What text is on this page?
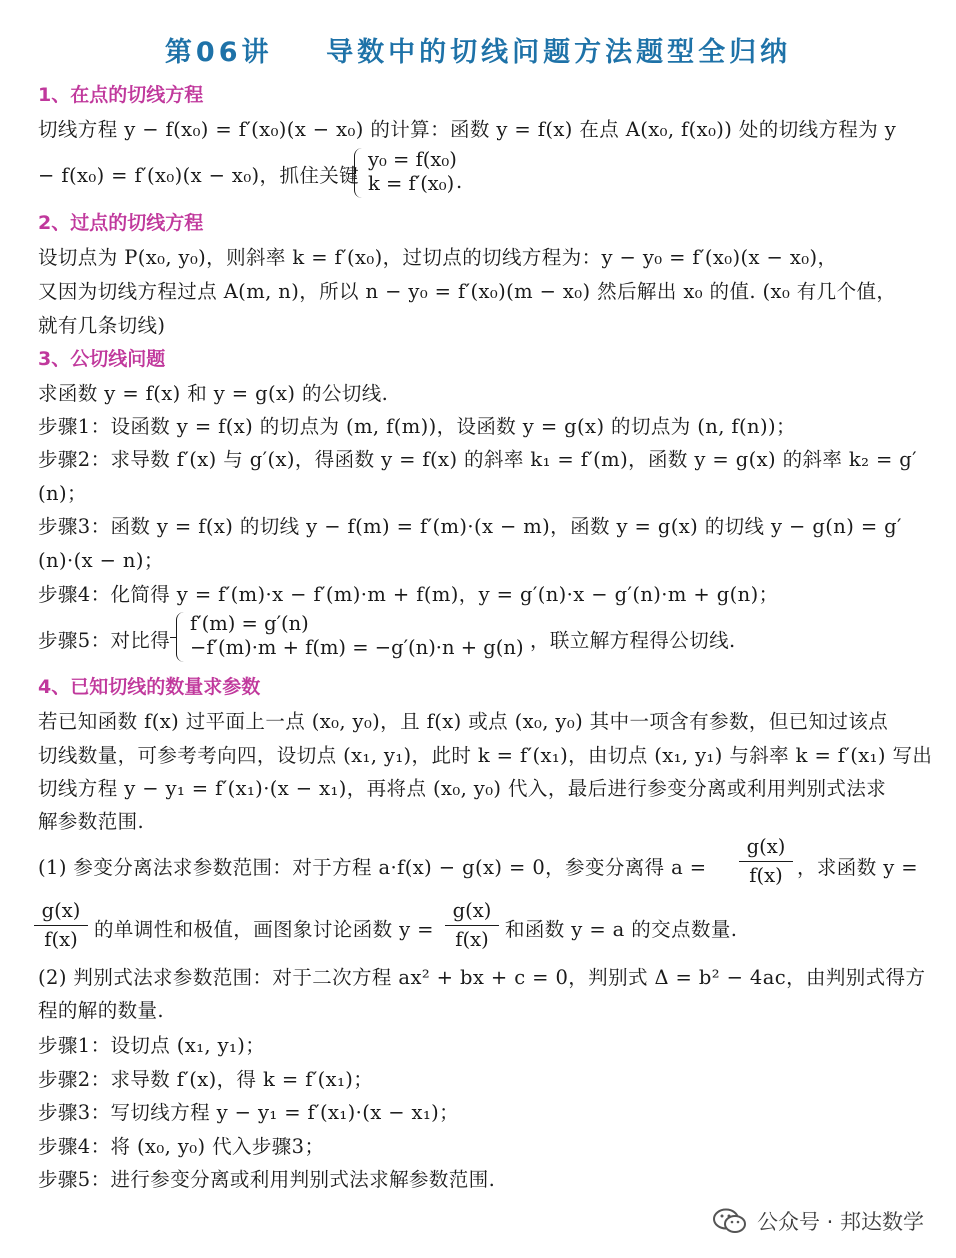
第06讲    导数中的切线问题方法题型全归纳
1、在点的切线方程
切线方程 y − f(x₀) = f′(x₀)(x − x₀) 的计算：函数 y = f(x) 在点 A(x₀, f(x₀)) 处的切线方程为 y
− f(x₀) = f′(x₀)(x − x₀)，抓住关键
y₀ = f(x₀)
k = f′(x₀) .
2、过点的切线方程
设切点为 P(x₀, y₀)，则斜率 k = f′(x₀)，过切点的切线方程为：y − y₀ = f′(x₀)(x − x₀)，
又因为切线方程过点 A(m, n)，所以 n − y₀ = f′(x₀)(m − x₀) 然后解出 x₀ 的值. (x₀ 有几个值，
就有几条切线)
3、公切线问题
求函数 y = f(x) 和 y = g(x) 的公切线.
步骤1：设函数 y = f(x) 的切点为 (m, f(m))，设函数 y = g(x) 的切点为 (n, f(n))；
步骤2：求导数 f′(x) 与 g′(x)，得函数 y = f(x) 的斜率 k₁ = f′(m)，函数 y = g(x) 的斜率 k₂ = g′
(n)；
步骤3：函数 y = f(x) 的切线 y − f(m) = f′(m)·(x − m)，函数 y = g(x) 的切线 y − g(n) = g′
(n)·(x − n)；
步骤4：化简得 y = f′(m)·x − f′(m)·m + f(m)，y = g′(n)·x − g′(n)·m + g(n)；
步骤5：对比得
f′(m) = g′(n)
−f′(m)·m + f(m) = −g′(n)·n + g(n) ，联立解方程得公切线.
4、已知切线的数量求参数
若已知函数 f(x) 过平面上一点 (x₀, y₀)，且 f(x) 或点 (x₀, y₀) 其中一项含有参数，但已知过该点
切线数量，可参考考向四，设切点 (x₁, y₁)，此时 k = f′(x₁)，由切点 (x₁, y₁) 与斜率 k = f′(x₁) 写出
切线方程 y − y₁ = f′(x₁)·(x − x₁)，再将点 (x₀, y₀) 代入，最后进行参变分离或利用判别式法求
解参数范围.
(1) 参变分离法求参数范围：对于方程 a·f(x) − g(x) = 0，参变分离得 a =
g(x)
f(x) ，求函数 y =
g(x)
f(x) 的单调性和极值，画图象讨论函数 y =
g(x)
f(x) 和函数 y = a 的交点数量.
(2) 判别式法求参数范围：对于二次方程 ax² + bx + c = 0，判别式 Δ = b² − 4ac，由判别式得方
程的解的数量.
步骤1：设切点 (x₁, y₁)；
步骤2：求导数 f′(x)，得 k = f′(x₁)；
步骤3：写切线方程 y − y₁ = f′(x₁)·(x − x₁)；
步骤4：将 (x₀, y₀) 代入步骤3；
步骤5：进行参变分离或利用判别式法求解参数范围.
公众号 · 邦达数学
